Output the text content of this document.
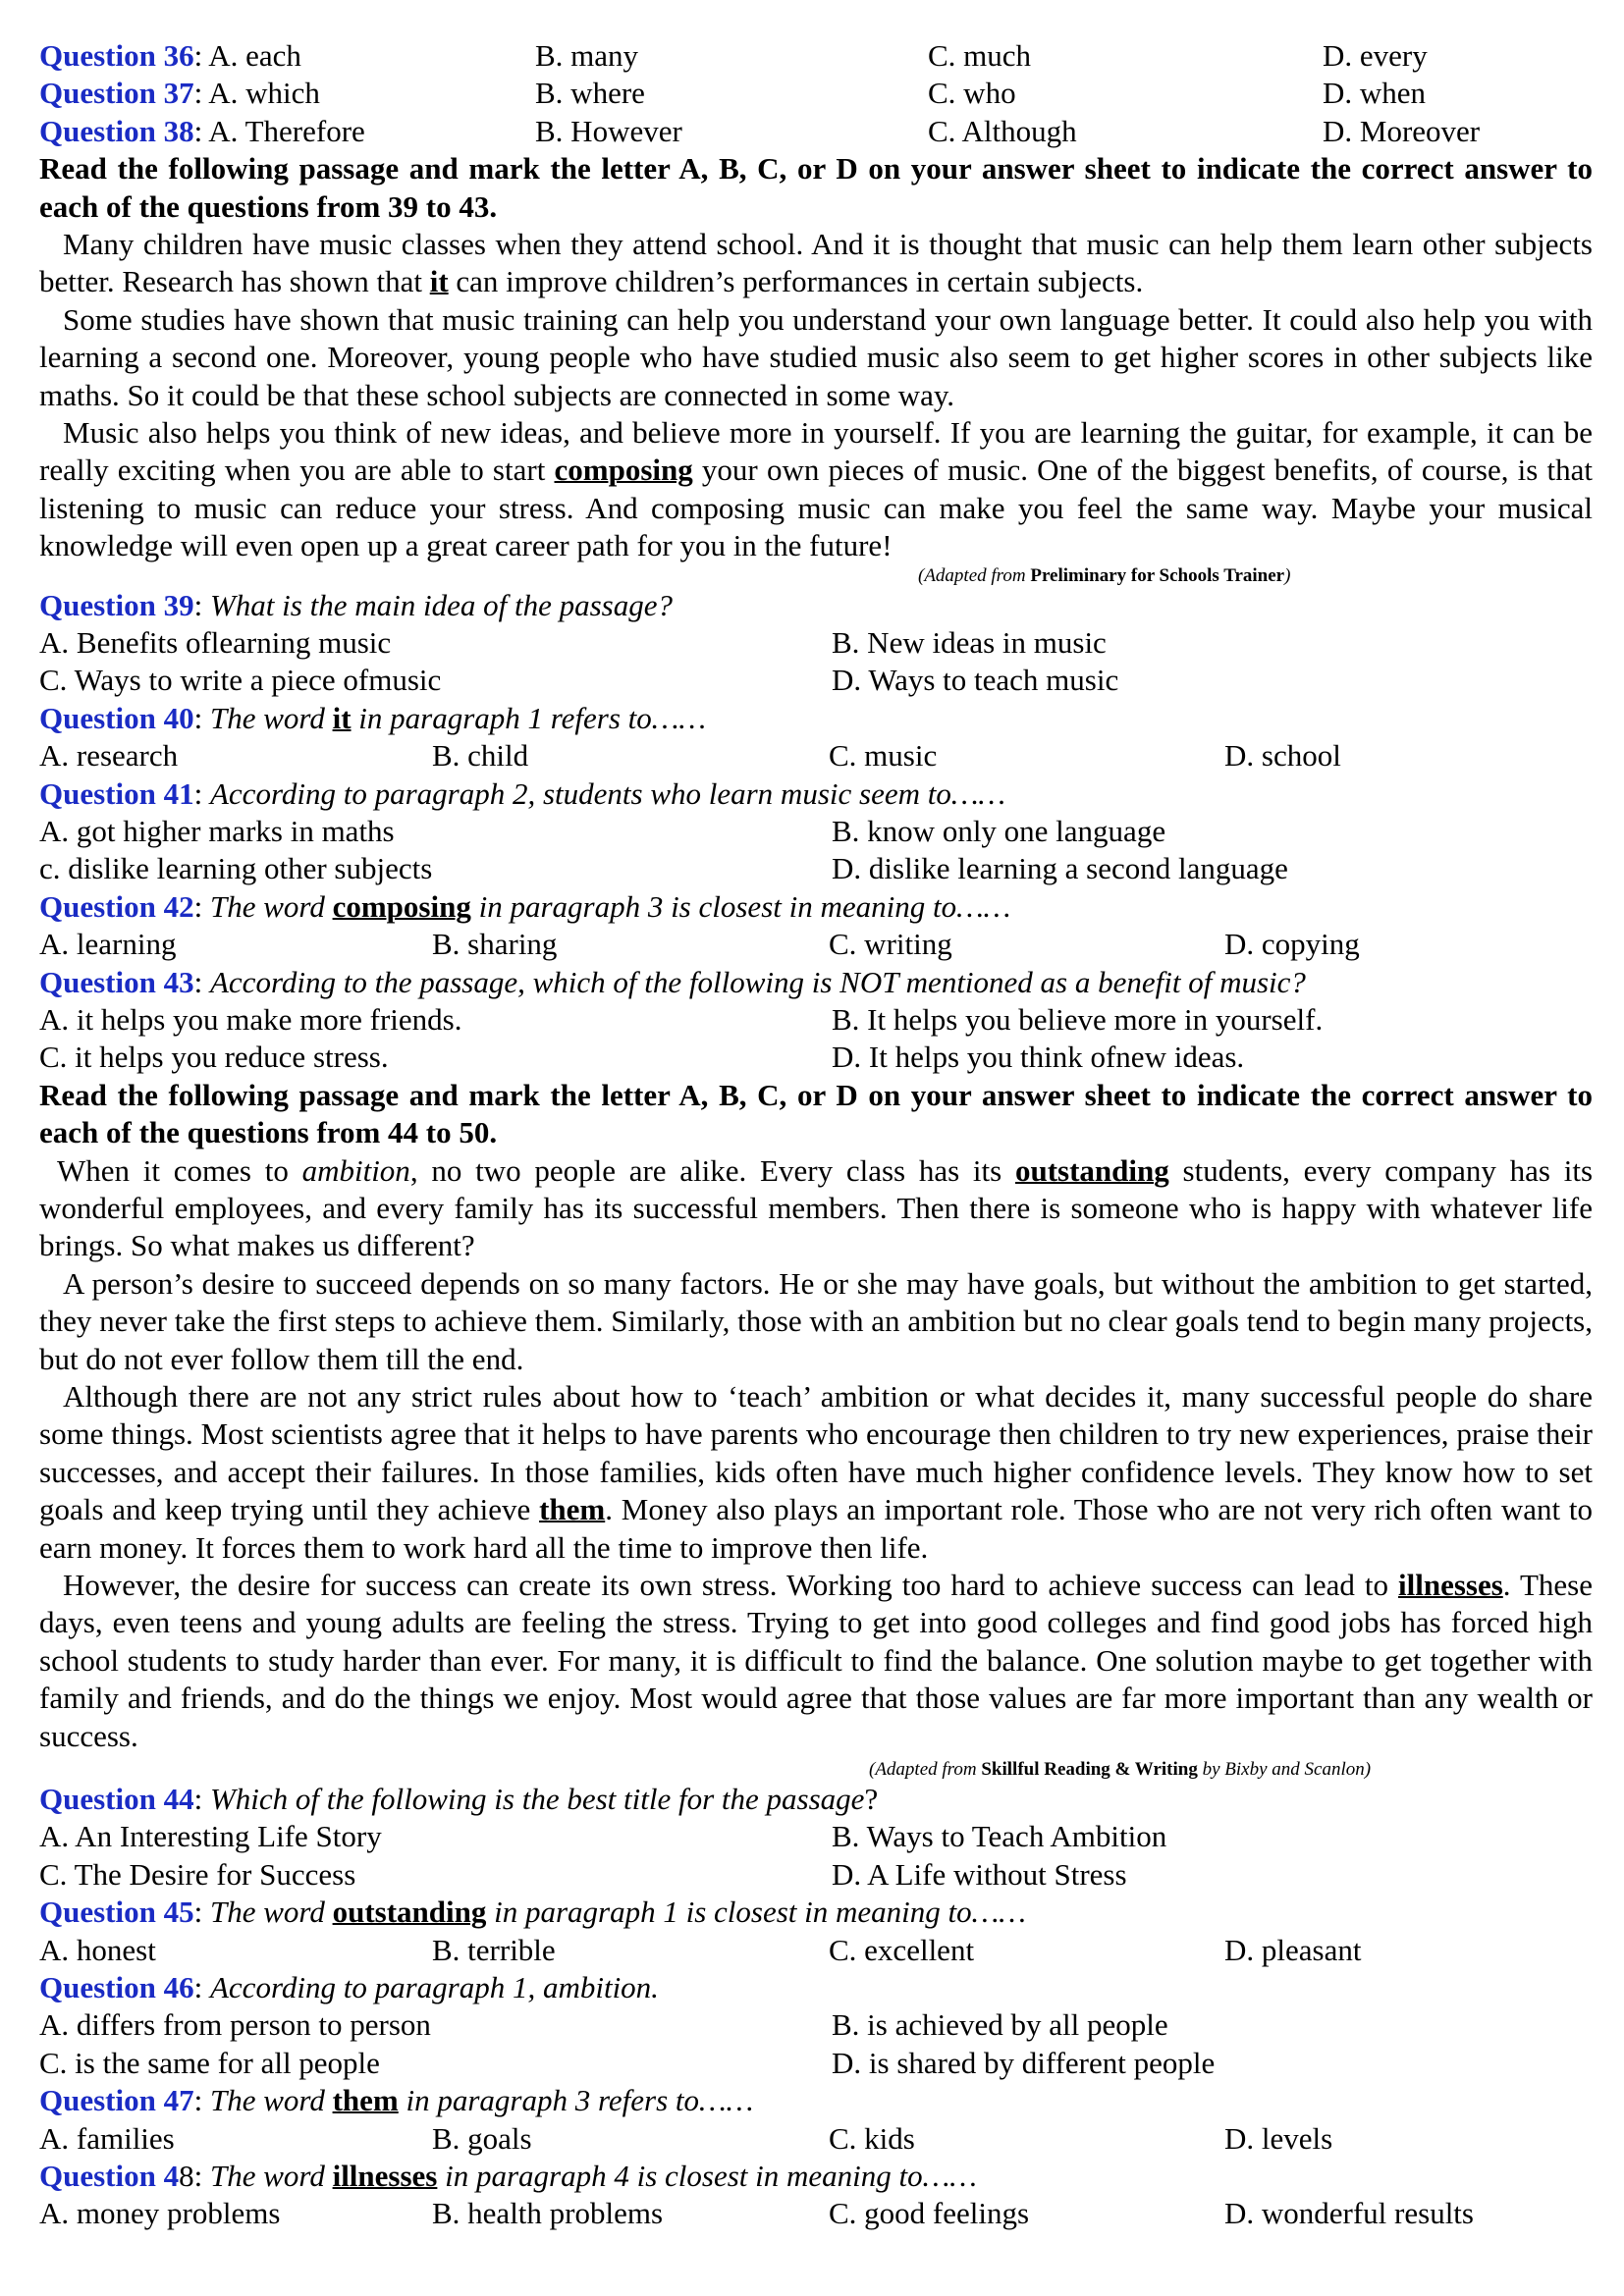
Question 36: A. each	B. many	C. much	D. every
Question 37: A. which	B. where	C. who	D. when
Question 38: A. Therefore	B. However	C. Although	D. Moreover
Read the following passage and mark the letter A, B, C, or D on your answer sheet to indicate the correct answer to each of the questions from 39 to 43.
Many children have music classes when they attend school. And it is thought that music can help them learn other subjects better. Research has shown that it can improve children’s performances in certain subjects.
Some studies have shown that music training can help you understand your own language better. It could also help you with learning a second one. Moreover, young people who have studied music also seem to get higher scores in other subjects like maths. So it could be that these school subjects are connected in some way.
Music also helps you think of new ideas, and believe more in yourself. If you are learning the guitar, for example, it can be really exciting when you are able to start composing your own pieces of music. One of the biggest benefits, of course, is that listening to music can reduce your stress. And composing music can make you feel the same way. Maybe your musical knowledge will even open up a great career path for you in the future!
(Adapted from Preliminary for Schools Trainer)
Question 39 : What is the main idea of the passage?
A. Benefits oflearning music	B. New ideas in music
C. Ways to write a piece ofmusic	D. Ways to teach music
Question 40 : The word it in paragraph 1 refers to……
A. research	B. child	C. music	D. school
Question 41 : According to paragraph 2, students who learn music seem to……
A. got higher marks in maths	B. know only one language
c. dislike learning other subjects	D. dislike learning a second language
Question 42 : The word composing in paragraph 3 is closest in meaning to……
A. learning	B. sharing	C. writing	D. copying
Question 43 : According to the passage, which of the following is NOT mentioned as a benefit of music?
A. it helps you make more friends.	B. It helps you believe more in yourself.
C. it helps you reduce stress.	D. It helps you think ofnew ideas.
Read the following passage and mark the letter A, B, C, or D on your answer sheet to indicate the correct answer to each of the questions from 44 to 50.
When it comes to ambition, no two people are alike. Every class has its outstanding students, every company has its wonderful employees, and every family has its successful members. Then there is someone who is happy with whatever life brings. So what makes us different?
A person’s desire to succeed depends on so many factors. He or she may have goals, but without the ambition to get started, they never take the first steps to achieve them. Similarly, those with an ambition but no clear goals tend to begin many projects, but do not ever follow them till the end.
Although there are not any strict rules about how to ‘teach’ ambition or what decides it, many successful people do share some things. Most scientists agree that it helps to have parents who encourage then children to try new experiences, praise their successes, and accept their failures. In those families, kids often have much higher confidence levels. They know how to set goals and keep trying until they achieve them. Money also plays an important role. Those who are not very rich often want to earn money. It forces them to work hard all the time to improve then life.
However, the desire for success can create its own stress. Working too hard to achieve success can lead to illnesses. These days, even teens and young adults are feeling the stress. Trying to get into good colleges and find good jobs has forced high school students to study harder than ever. For many, it is difficult to find the balance. One solution maybe to get together with family and friends, and do the things we enjoy. Most would agree that those values are far more important than any wealth or success.
(Adapted from Skillful Reading & Writing by Bixby and Scanlon)
Question 44 : Which of the following is the best title for the passage ?
A. An Interesting Life Story	B. Ways to Teach Ambition
C. The Desire for Success	D. A Life without Stress
Question 45 : The word outstanding in paragraph 1 is closest in meaning to……
A. honest	B. terrible	C. excellent	D. pleasant
Question 46 : According to paragraph 1, ambition.
A. differs from person to person	B. is achieved by all people
C. is the same for all people	D. is shared by different people
Question 47 : The word them in paragraph 3 refers to……
A. families	B. goals	C. kids	D. levels
Question 4 8 : The word illnesses in paragraph 4 is closest in meaning to……
A. money problems	B. health problems	C. good feelings	D. wonderful results
